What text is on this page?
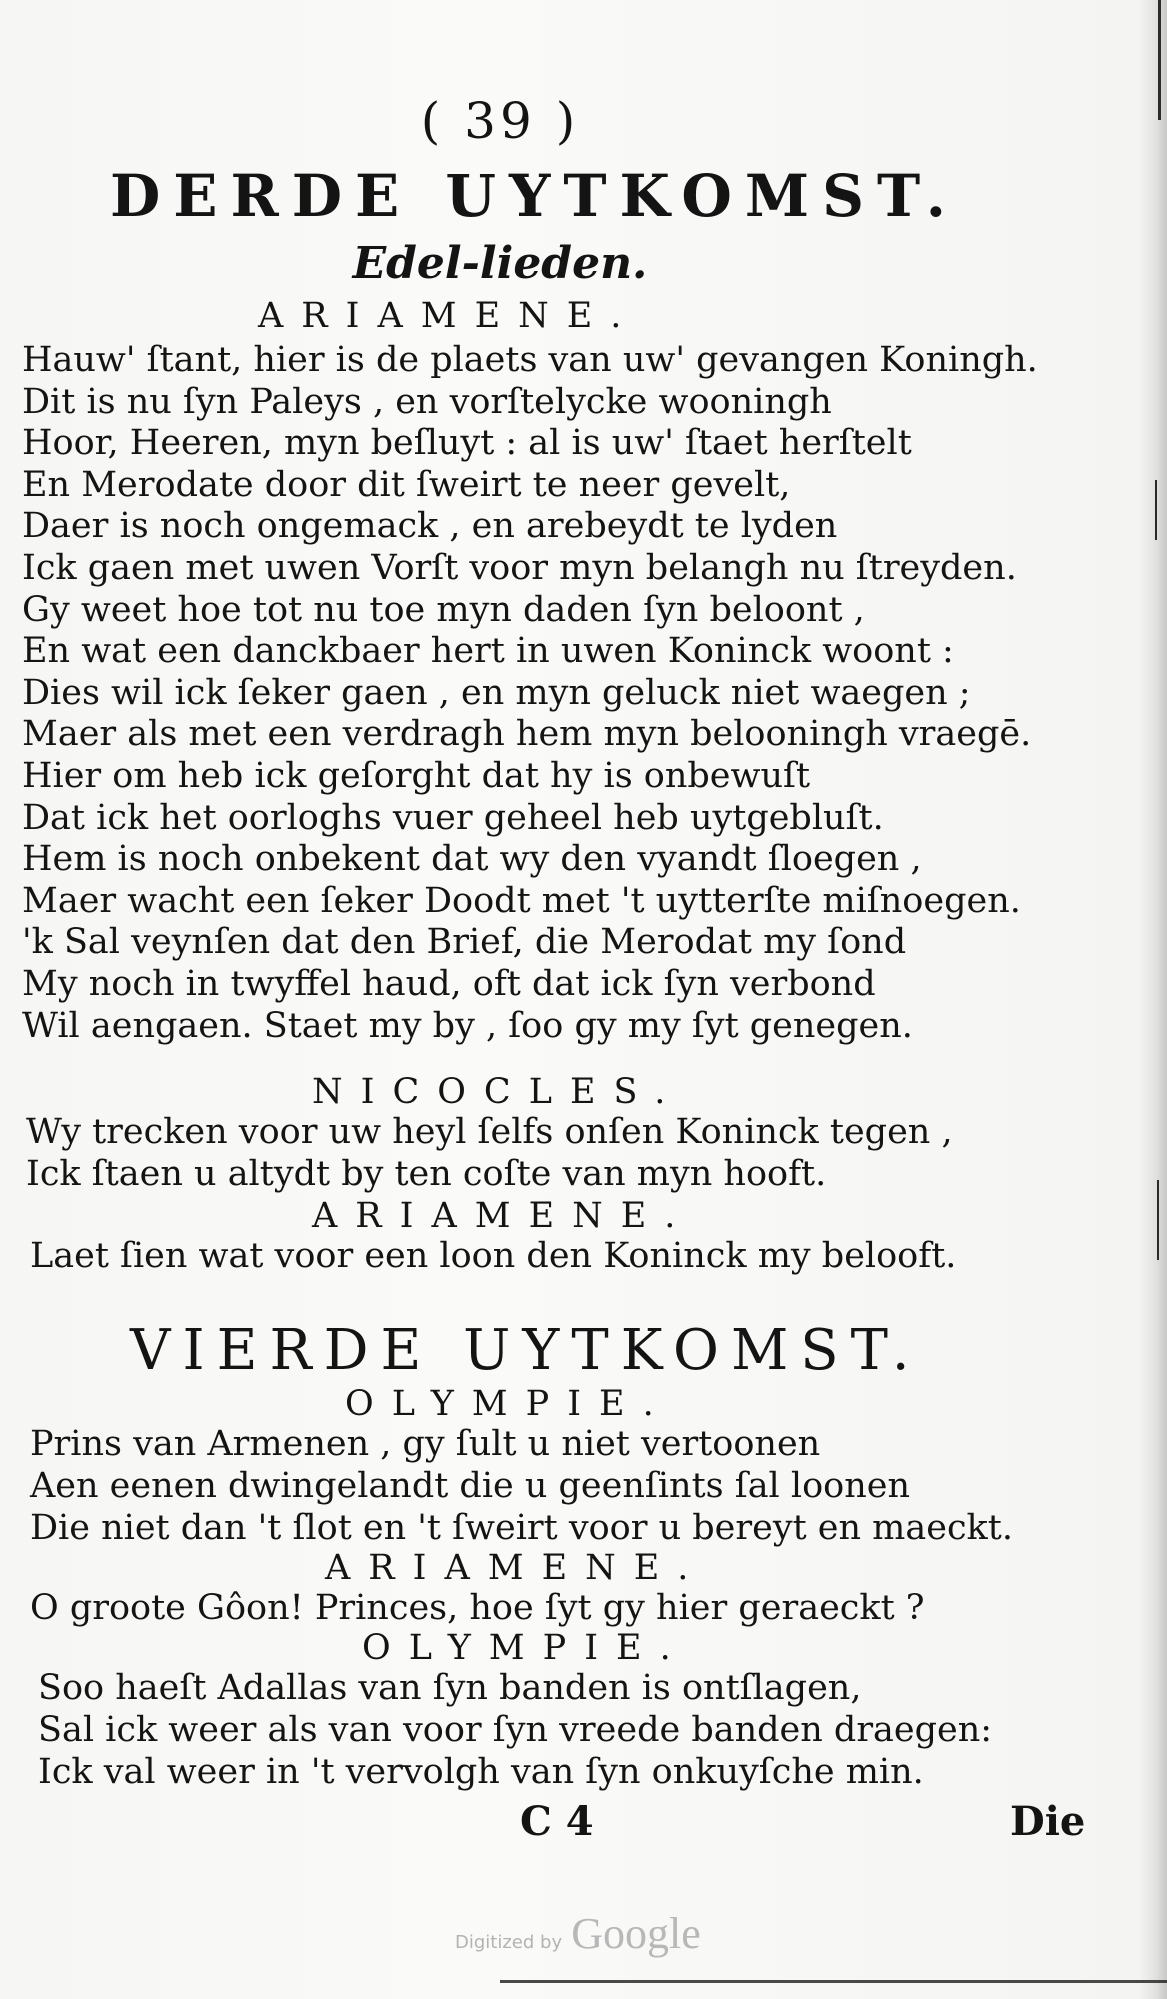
( 39 )
DERDE UYTKOMST.
Edel-lieden.
ARIAMENE.
Hauw' ſtant, hier is de plaets van uw' gevangen Koningh.
Dit is nu ſyn Paleys , en vorſtelycke wooningh
Hoor, Heeren, myn beſluyt : al is uw' ſtaet herſtelt
En Merodate door dit ſweirt te neer gevelt,
Daer is noch ongemack , en arebeydt te lyden
Ick gaen met uwen Vorſt voor myn belangh nu ſtreyden.
Gy weet hoe tot nu toe myn daden ſyn beloont ,
En wat een danckbaer hert in uwen Koninck woont :
Dies wil ick ſeker gaen , en myn geluck niet waegen ;
Maer als met een verdragh hem myn belooningh vraegē.
Hier om heb ick geſorght dat hy is onbewuſt
Dat ick het oorloghs vuer geheel heb uytgebluſt.
Hem is noch onbekent dat wy den vyandt ſloegen ,
Maer wacht een ſeker Doodt met 't uytterſte miſnoegen.
'k Sal veynſen dat den Brief, die Merodat my ſond
My noch in twyffel haud, oft dat ick ſyn verbond
Wil aengaen. Staet my by , ſoo gy my ſyt genegen.
NICOCLES.
Wy trecken voor uw heyl ſelfs onſen Koninck tegen ,
Ick ſtaen u altydt by ten coſte van myn hooft.
ARIAMENE.
Laet ſien wat voor een loon den Koninck my belooft.
VIERDE UYTKOMST.
OLYMPIE.
Prins van Armenen , gy ſult u niet vertoonen
Aen eenen dwingelandt die u geenſints ſal loonen
Die niet dan 't ſlot en 't ſweirt voor u bereyt en maeckt.
ARIAMENE.
O groote Gôon! Princes, hoe ſyt gy hier geraeckt ?
OLYMPIE.
Soo haeſt Adallas van ſyn banden is ontſlagen,
Sal ick weer als van voor ſyn vreede banden draegen:
Ick val weer in 't vervolgh van ſyn onkuyſche min.
C 4	Die
Digitized by Google
